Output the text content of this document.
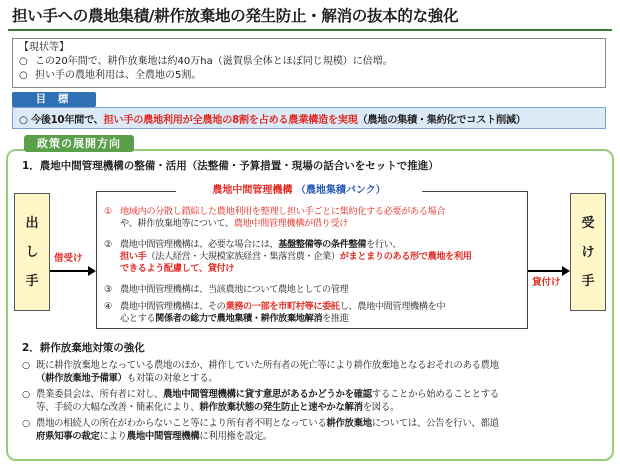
担い手への農地集積/耕作放棄地の発生防止・解消の抜本的な強化
【現状等】
○ この20年間で、耕作放棄地は約40万ha（滋賀県全体とほぼ同じ規模）に倍増。
○ 担い手の農地利用は、全農地の5割。
目 標
○ 今後10年間で、担い手の農地利用が全農地の8割を占める農業構造を実現（農地の集積・集約化でコスト削減）
政策の展開方向
1．農地中間管理機構の整備・活用（法整備・予算措置・現場の話合いをセットで推進）
出
し
手
受
け
手
借受け
貸付け
農地中間管理機構 （農地集積バンク）
① 地域内の分散し錯綜した農地利用を整理し担い手ごとに集約化する必要がある場合
や、耕作放棄地等について、農地中間管理機構が借り受け
② 農地中間管理機構は、必要な場合には、基盤整備等の条件整備を行い、
担い手（法人経営・大規模家族経営・集落営農・企業）がまとまりのある形で農地を利用
できるよう配慮して、貸付け
③ 農地中間管理機構は、当該農地について農地としての管理
④ 農地中間管理機構は、その業務の一部を市町村等に委託し、農地中間管理機構を中
心とする関係者の総力で農地集積・耕作放棄地解消を推進
2．耕作放棄地対策の強化
○ 既に耕作放棄地となっている農地のほか、耕作していた所有者の死亡等により耕作放棄地となるおそれのある農地
（耕作放棄地予備軍）も対策の対象とする。
○ 農業委員会は、所有者に対し、農地中間管理機構に貸す意思があるかどうかを確認することから始めることとする
等、手続の大幅な改善・簡素化により、耕作放棄状態の発生防止と速やかな解消を図る。
○ 農地の相続人の所在がわからないこと等により所有者不明となっている耕作放棄地については、公告を行い、都道
府県知事の裁定により農地中間管理機構に利用権を設定。
